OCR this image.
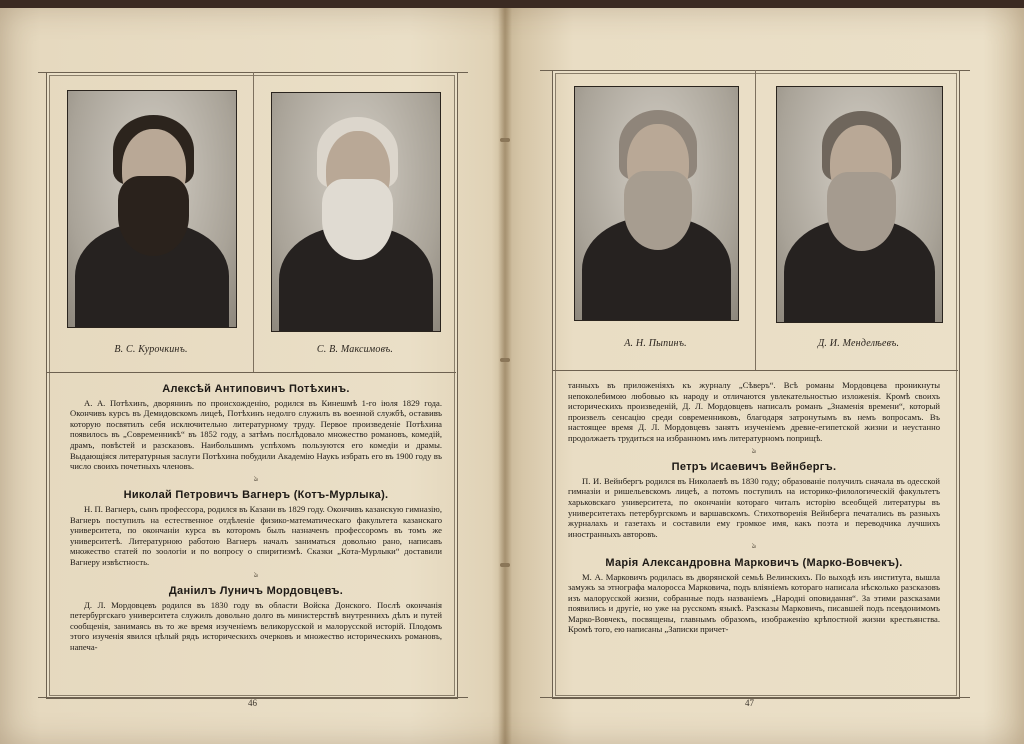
В. С. Курочкинъ.	С. В. Максимовъ.
Алексѣй Антиповичъ Потѣхинъ.

А. А. Потѣхинъ, дворянинъ по происхожденію, родился въ Кинешмѣ 1-го іюля 1829 года. Окончивъ курсъ въ Демидовскомъ лицеѣ, Потѣхинъ недолго служилъ въ военной службѣ, оставивъ которую посвятилъ себя исключительно литературному труду. Первое произведеніе Потѣхина появилось въ „Современникѣ“ въ 1852 году, а затѣмъ послѣдовало множество романовъ, комедій, драмъ, повѣстей и разсказовъ. Наибольшимъ успѣхомъ пользуются его комедіи и драмы. Выдающіяся литературныя заслуги Потѣхина побудили Академію Наукъ избрать его въ 1900 году въ число своихъ почетныхъ членовъ.

ঌ
Николай Петровичъ Вагнеръ (Котъ-Мурлыка).

Н. П. Вагнеръ, сынъ профессора, родился въ Казани въ 1829 году. Окончивъ казанскую гимназію, Вагнеръ поступилъ на естественное отдѣленіе физико-математическаго факультета казанскаго университета, по окончаніи курса въ которомъ былъ назначенъ профессоромъ въ томъ же университетѣ. Литературною работою Вагнеръ началъ заниматься довольно рано, написавъ множество статей по зоологіи и по вопросу о спиритизмѣ. Сказки „Кота-Мурлыки“ доставили Вагнеру извѣстность.

ঌ
Даніилъ Луничъ Мордовцевъ.

Д. Л. Мордовцевъ родился въ 1830 году въ области Войска Донского. Послѣ окончанія петербургскаго университета служилъ довольно долго въ министерствѣ внутреннихъ дѣлъ и путей сообщенія, занимаясь въ то же время изученіемъ великорусской и малорусской исторій. Плодомъ этого изученія явился цѣлый рядъ историческихъ очерковъ и множество историческихъ романовъ, напеча-

46
А. Н. Пыпинъ.	Д. И. Менделѣевъ.

танныхъ въ приложеніяхъ къ журналу „Сѣверъ“. Всѣ романы Мордовцева проникнуты непоколебимою любовью къ народу и отличаются увлекательностью изложенія. Кромѣ своихъ историческихъ произведеній, Д. Л. Мордовцевъ написалъ романъ „Знаменія времени“, который произвелъ сенсацію среди современниковъ, благодаря затронутымъ въ немъ вопросамъ. Въ настоящее время Д. Л. Мордовцевъ занятъ изученіемъ древне-египетской жизни и неустанно продолжаетъ трудиться на избранномъ имъ литературномъ поприщѣ.

ঌ
Петръ Исаевичъ Вейнбергъ.

П. И. Вейнбергъ родился въ Николаевѣ въ 1830 году; образованіе получилъ сначала въ одесской гимназіи и ришельевскомъ лицеѣ, а потомъ поступилъ на историко-филологическій факультетъ харьковскаго университета, по окончаніи котораго читалъ исторію всеобщей литературы въ университетахъ петербургскомъ и варшавскомъ. Стихотворенія Вейнберга печатались въ разныхъ журналахъ и газетахъ и составили ему громкое имя, какъ поэта и переводчика лучшихъ иностранныхъ авторовъ.

ঌ
Марія Александровна Марковичъ (Марко-Вовчекъ).

М. А. Марковичъ родилась въ дворянской семьѣ Велинскихъ. По выходѣ изъ института, вышла замужъ за этнографа малоросса Марковича, подъ вліяніемъ котораго написала нѣсколько разсказовъ изъ малорусской жизни, собранные подъ названіемъ „Народні оповидання“. За этими разсказами появились и другіе, но уже на русскомъ языкѣ. Разсказы Марковичъ, писавшей подъ псевдонимомъ Марко-Вовчекъ, посвящены, главнымъ образомъ, изображенію крѣпостной жизни крестьянства. Кромѣ того, ею написаны „Записки причет-

47
